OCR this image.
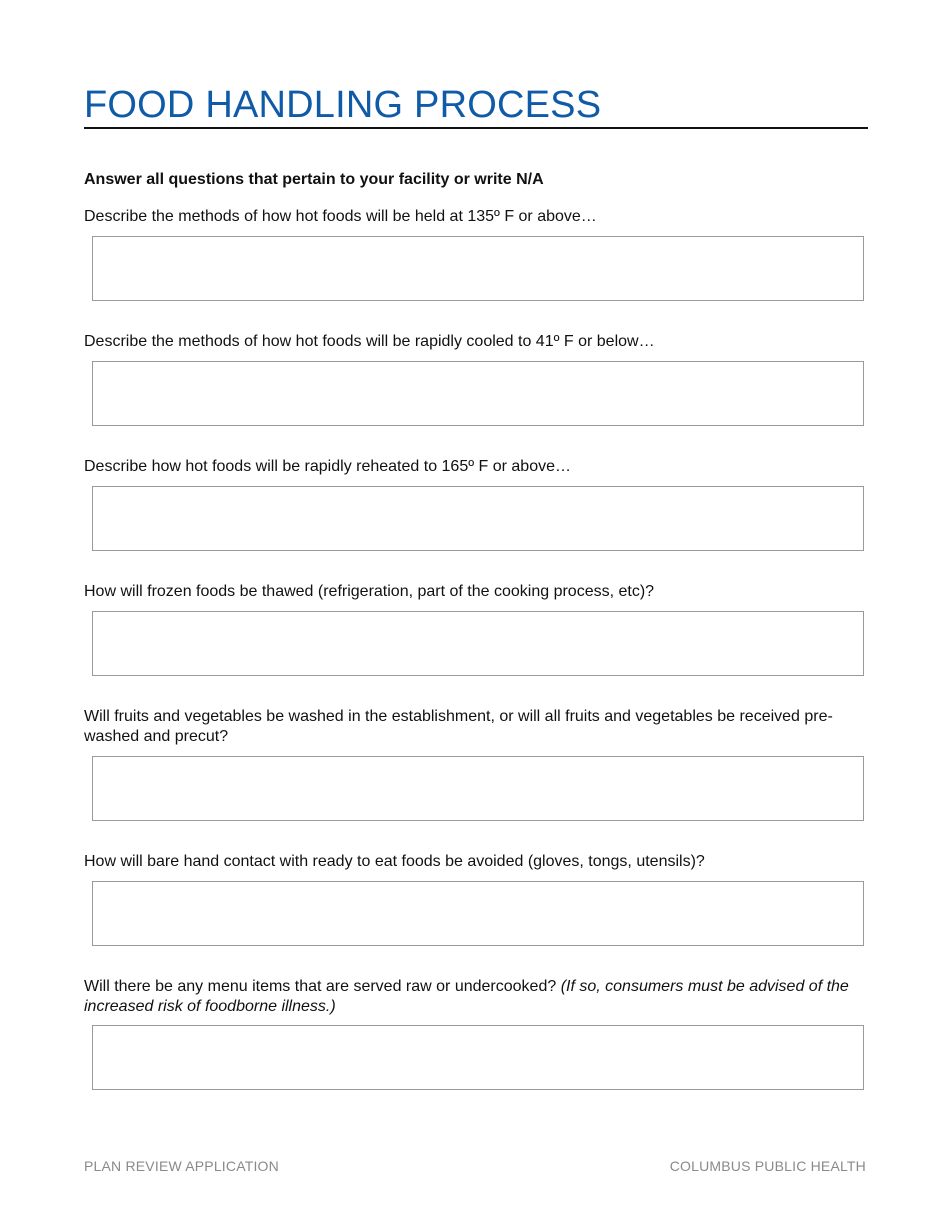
FOOD HANDLING PROCESS

Answer all questions that pertain to your facility or write N/A

Describe the methods of how hot foods will be held at 135º F or above…

Describe the methods of how hot foods will be rapidly cooled to 41º F or below…

Describe how hot foods will be rapidly reheated to 165º F or above…

How will frozen foods be thawed (refrigeration, part of the cooking process, etc)?

Will fruits and vegetables be washed in the establishment, or will all fruits and vegetables be received pre-washed and precut?

How will bare hand contact with ready to eat foods be avoided (gloves, tongs, utensils)?

Will there be any menu items that are served raw or undercooked? (If so, consumers must be advised of the increased risk of foodborne illness.)

PLAN REVIEW APPLICATION	COLUMBUS PUBLIC HEALTH
